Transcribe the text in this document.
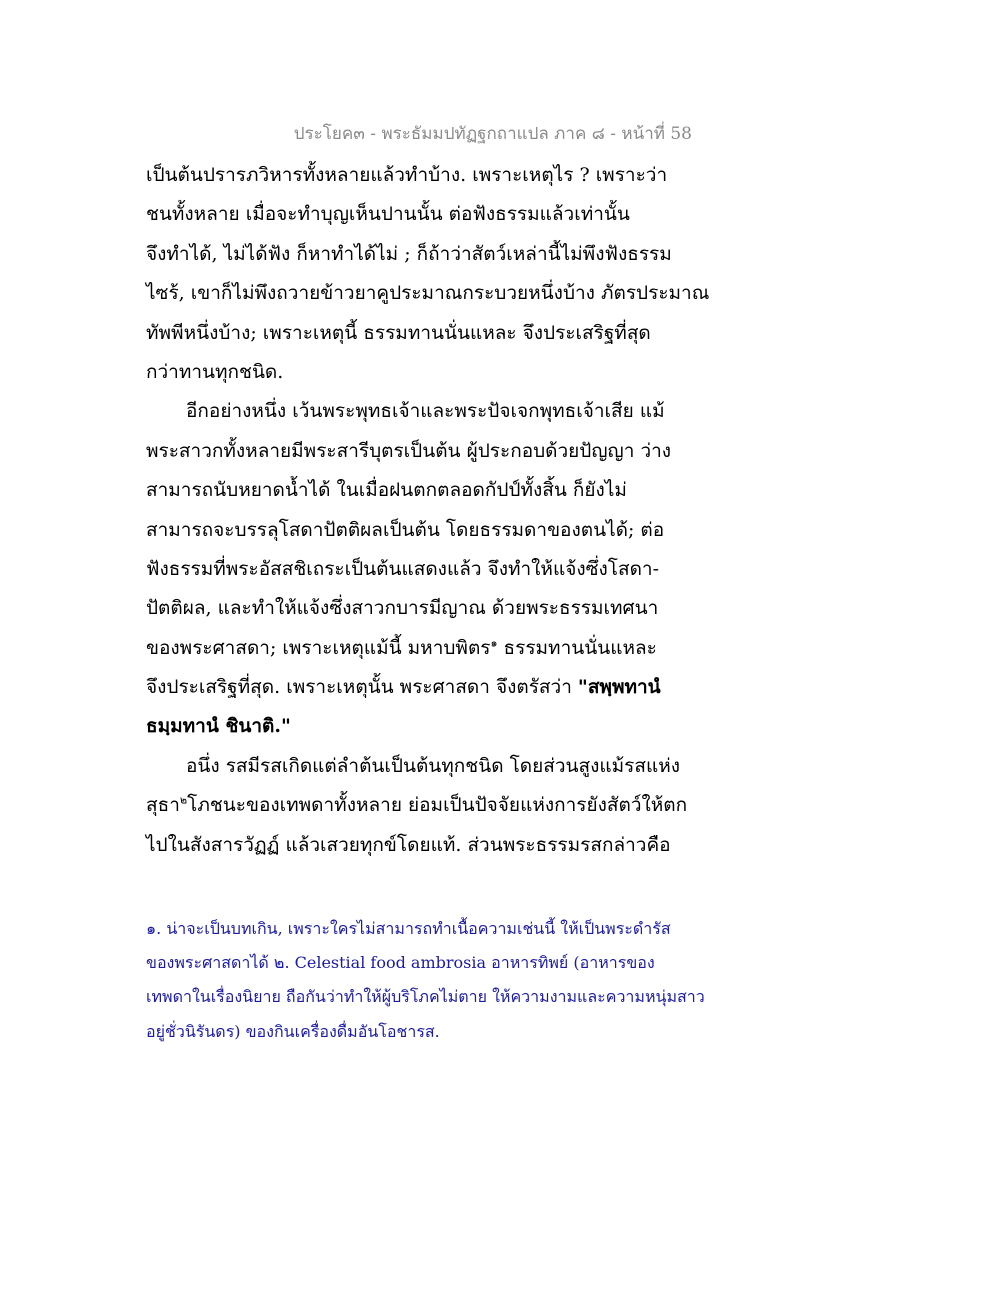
ประโยค๓ - พระธัมมปทัฏฐกถาแปล ภาค ๘ - หน้าที่ 58
เป็นต้นปรารภวิหารทั้งหลายแล้วทำบ้าง. เพราะเหตุไร ? เพราะว่า
ชนทั้งหลาย เมื่อจะทำบุญเห็นปานนั้น ต่อฟังธรรมแล้วเท่านั้น
จึงทำได้, ไม่ได้ฟัง ก็หาทำได้ไม่ ; ก็ถ้าว่าสัตว์เหล่านี้ไม่พึงฟังธรรม
ไซร้, เขาก็ไม่พึงถวายข้าวยาคูประมาณกระบวยหนึ่งบ้าง ภัตรประมาณ
ทัพพีหนึ่งบ้าง; เพราะเหตุนี้ ธรรมทานนั่นแหละ จึงประเสริฐที่สุด
กว่าทานทุกชนิด.
อีกอย่างหนึ่ง เว้นพระพุทธเจ้าและพระปัจเจกพุทธเจ้าเสีย แม้
พระสาวกทั้งหลายมีพระสารีบุตรเป็นต้น ผู้ประกอบด้วยปัญญา ว่าง
สามารถนับหยาดน้ำได้ ในเมื่อฝนตกตลอดกัปป์ทั้งสิ้น ก็ยังไม่
สามารถจะบรรลุโสดาปัตติผลเป็นต้น โดยธรรมดาของตนได้; ต่อ
ฟังธรรมที่พระอัสสชิเถระเป็นต้นแสดงแล้ว จึงทำให้แจ้งซึ่งโสดา-
ปัตติผล, และทำให้แจ้งซึ่งสาวกบารมีญาณ ด้วยพระธรรมเทศนา
ของพระศาสดา; เพราะเหตุแม้นี้ มหาบพิตร$^๑$ ธรรมทานนั่นแหละ
จึงประเสริฐที่สุด. เพราะเหตุนั้น พระศาสดา จึงตรัสว่า "สพฺพทานํ
ธมฺมทานํ ชินาติ."
อนึ่ง รสมีรสเกิดแต่ลำต้นเป็นต้นทุกชนิด โดยส่วนสูงแม้รสแห่ง
สุธา$^๒$โภชนะของเทพดาทั้งหลาย ย่อมเป็นปัจจัยแห่งการยังสัตว์ให้ตก
ไปในสังสารวัฏฏ์ แล้วเสวยทุกข์โดยแท้. ส่วนพระธรรมรสกล่าวคือ
๑. น่าจะเป็นบทเกิน, เพราะใครไม่สามารถทำเนื้อความเช่นนี้ ให้เป็นพระดำรัส
ของพระศาสดาได้ ๒. Celestial food ambrosia อาหารทิพย์ (อาหารของ
เทพดาในเรื่องนิยาย ถือกันว่าทำให้ผู้บริโภคไม่ตาย ให้ความงามและความหนุ่มสาว
อยู่ชั่วนิรันดร) ของกินเครื่องดื่มอันโอชารส.
